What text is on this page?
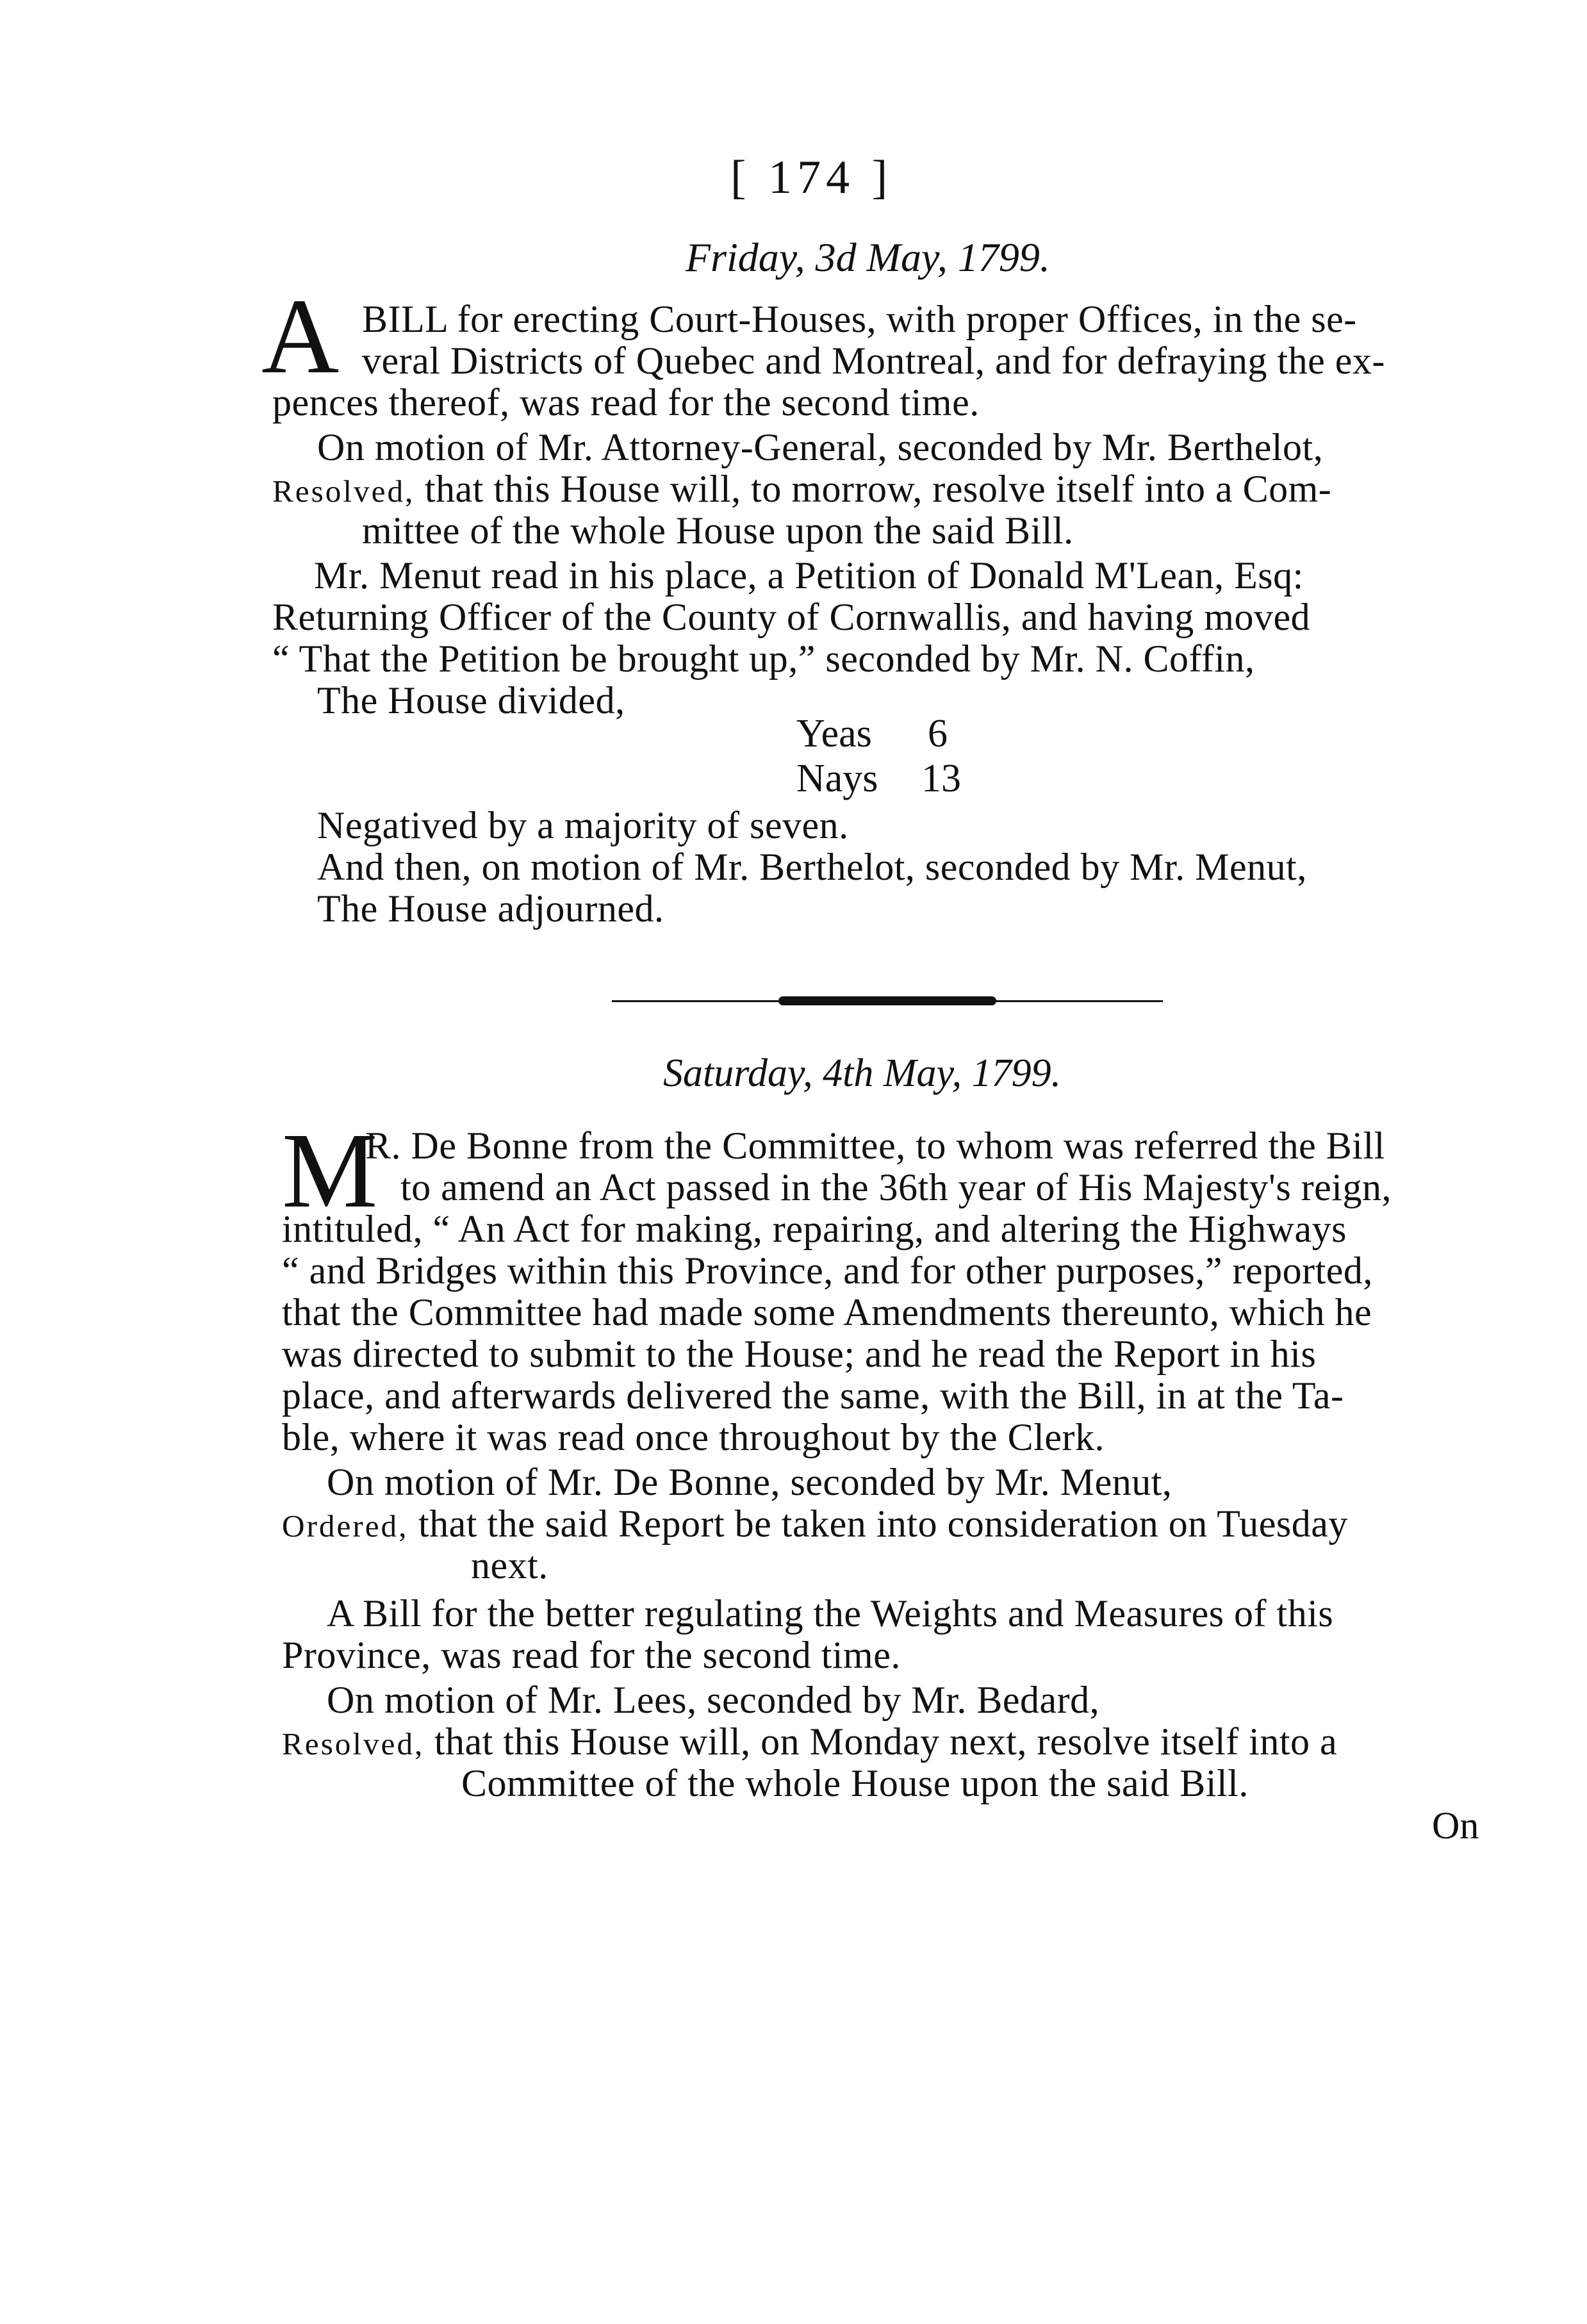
[ 174 ]
Friday, 3d May, 1799.
A BILL for erecting Court-Houses, with proper Offices, in the se-
veral Districts of Quebec and Montreal, and for defraying the ex-
pences thereof, was read for the second time.
On motion of Mr. Attorney-General, seconded by Mr. Berthelot,
Resolved, that this House will, to morrow, resolve itself into a Com-
mittee of the whole House upon the said Bill.
Mr. Menut read in his place, a Petition of Donald M'Lean, Esq:
Returning Officer of the County of Cornwallis, and having moved
“ That the Petition be brought up,” seconded by Mr. N. Coffin,
The House divided,
Yeas 6
Nays 13
Negatived by a majority of seven.
And then, on motion of Mr. Berthelot, seconded by Mr. Menut,
The House adjourned.
Saturday, 4th May, 1799.
M
R. De Bonne from the Committee, to whom was referred the Bill
to amend an Act passed in the 36th year of His Majesty's reign,
intituled, “ An Act for making, repairing, and altering the Highways
“ and Bridges within this Province, and for other purposes,” reported,
that the Committee had made some Amendments thereunto, which he
was directed to submit to the House; and he read the Report in his
place, and afterwards delivered the same, with the Bill, in at the Ta-
ble, where it was read once throughout by the Clerk.
On motion of Mr. De Bonne, seconded by Mr. Menut,
Ordered, that the said Report be taken into consideration on Tuesday
next.
A Bill for the better regulating the Weights and Measures of this
Province, was read for the second time.
On motion of Mr. Lees, seconded by Mr. Bedard,
Resolved, that this House will, on Monday next, resolve itself into a
Committee of the whole House upon the said Bill.
On
